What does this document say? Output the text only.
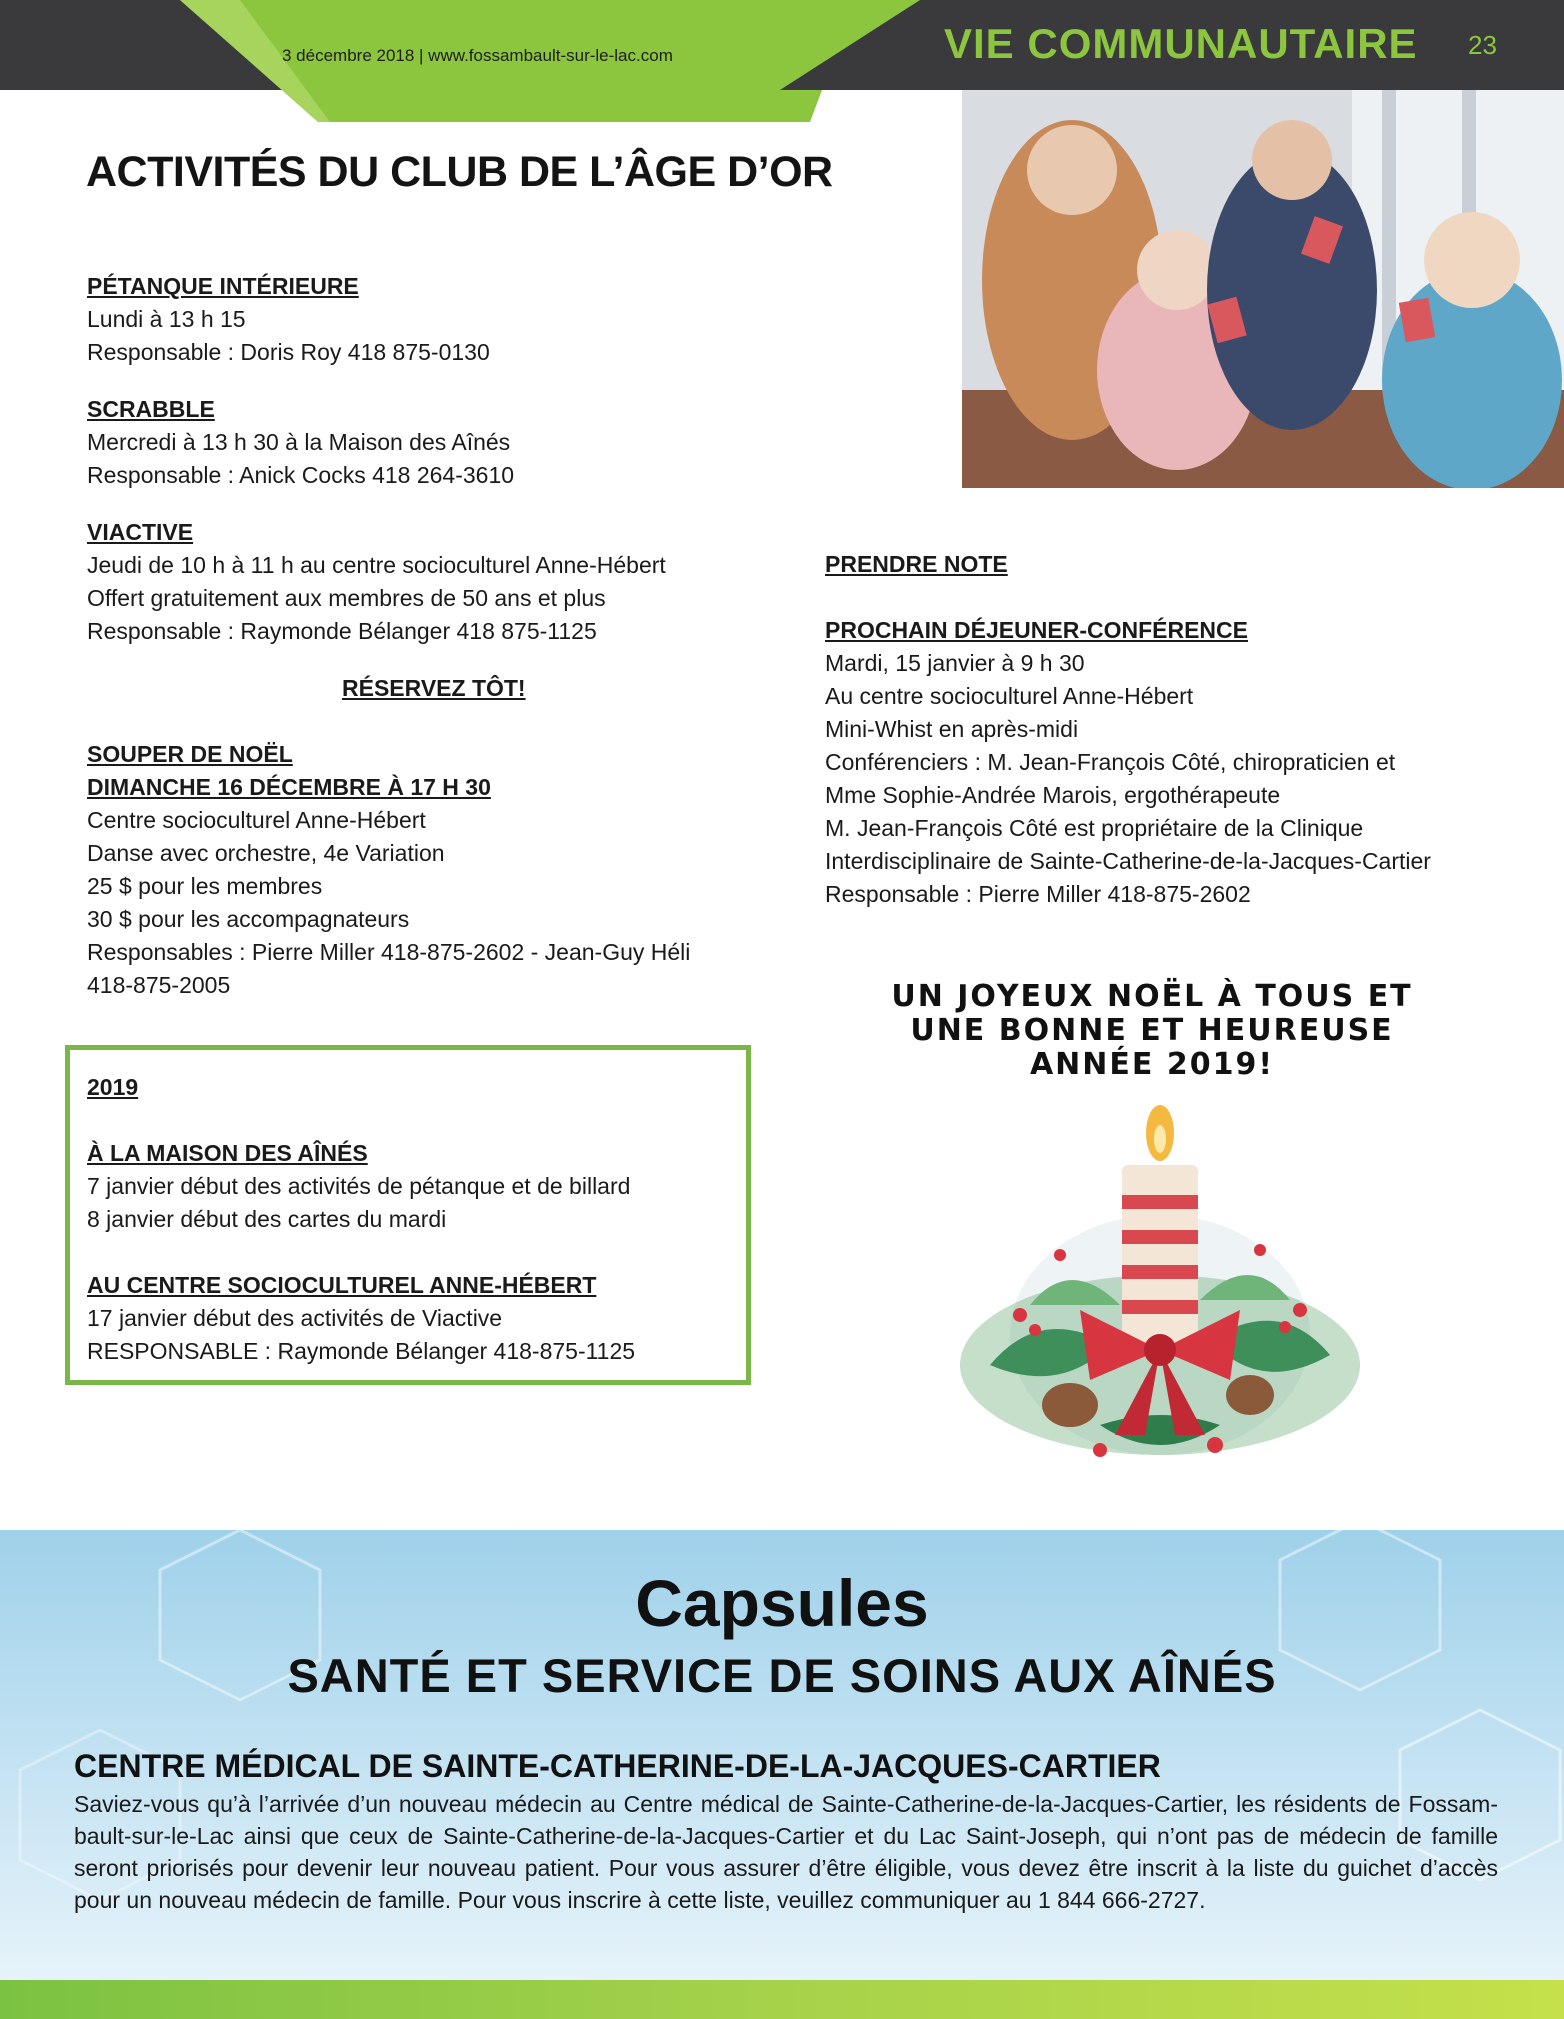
3 décembre 2018 | www.fossambault-sur-le-lac.com	VIE COMMUNAUTAIRE 23
ACTIVITÉS DU CLUB DE L’ÂGE D’OR
PÉTANQUE INTÉRIEURE
Lundi à 13 h 15
Responsable : Doris Roy 418 875-0130
SCRABBLE
Mercredi à 13 h 30 à la Maison des Aînés
Responsable : Anick Cocks 418 264-3610
VIACTIVE
Jeudi de 10 h à 11 h au centre socioculturel Anne-Hébert
Offert gratuitement aux membres de 50 ans et plus
Responsable : Raymonde Bélanger 418 875-1125
RÉSERVEZ TÔT!
SOUPER DE NOËL
DIMANCHE 16 DÉCEMBRE À 17 H 30
Centre socioculturel Anne-Hébert
Danse avec orchestre, 4e Variation
25 $ pour les membres
30 $ pour les accompagnateurs
Responsables : Pierre Miller 418-875-2602 - Jean-Guy Héli
418-875-2005
2019
À LA MAISON DES AÎNÉS
7 janvier début des activités de pétanque et de billard
8 janvier début des cartes du mardi
AU CENTRE SOCIOCULTUREL ANNE-HÉBERT
17 janvier début des activités de Viactive
RESPONSABLE : Raymonde Bélanger 418-875-1125
PRENDRE NOTE
PROCHAIN DÉJEUNER-CONFÉRENCE
Mardi, 15 janvier à 9 h 30
Au centre socioculturel Anne-Hébert
Mini-Whist en après-midi
Conférenciers : M. Jean-François Côté, chiropraticien et
Mme Sophie-Andrée Marois, ergothérapeute
M. Jean-François Côté est propriétaire de la Clinique
Interdisciplinaire de Sainte-Catherine-de-la-Jacques-Cartier
Responsable : Pierre Miller 418-875-2602
UN JOYEUX NOËL À TOUS ET
UNE BONNE ET HEUREUSE
ANNÉE 2019!
Capsules
SANTÉ ET SERVICE DE SOINS AUX AÎNÉS
CENTRE MÉDICAL DE SAINTE-CATHERINE-DE-LA-JACQUES-CARTIER
Saviez-vous qu’à l’arrivée d’un nouveau médecin au Centre médical de Sainte-Catherine-de-la-Jacques-Cartier, les résidents de Fossam-bault-sur-le-Lac ainsi que ceux de Sainte-Catherine-de-la-Jacques-Cartier et du Lac Saint-Joseph, qui n’ont pas de médecin de famille seront priorisés pour devenir leur nouveau patient. Pour vous assurer d’être éligible, vous devez être inscrit à la liste du guichet d’accès pour un nouveau médecin de famille. Pour vous inscrire à cette liste, veuillez communiquer au 1 844 666-2727.
